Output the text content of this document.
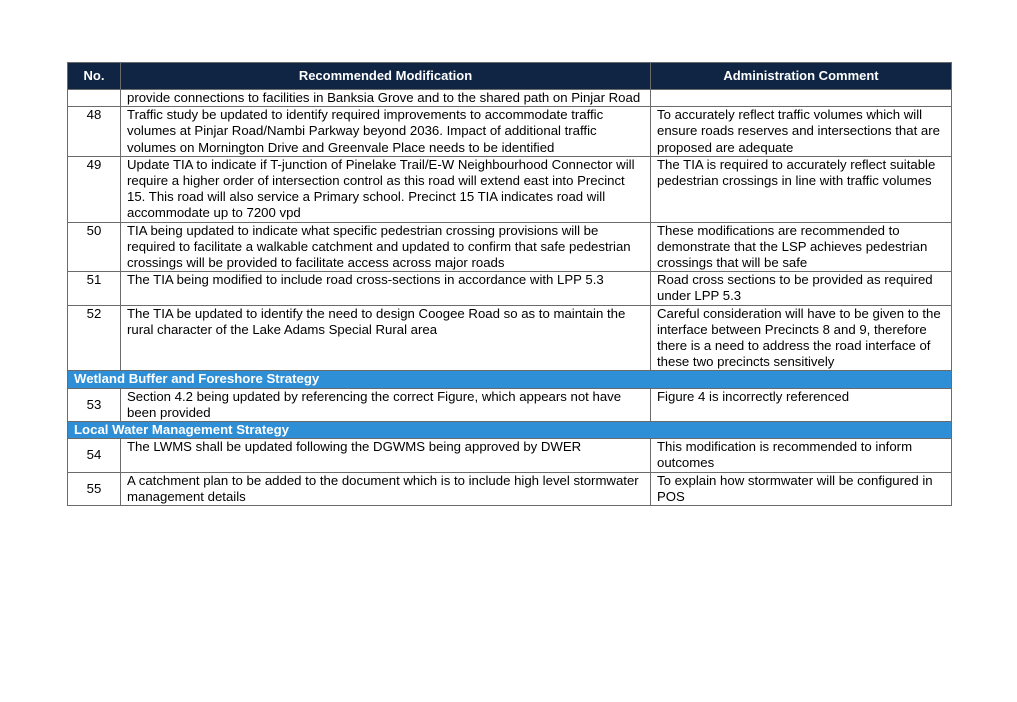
No.	Recommended Modification	Administration Comment
	provide connections to facilities in Banksia Grove and to the shared path on Pinjar Road	
48	Traffic study be updated to identify required improvements to accommodate traffic volumes at Pinjar Road/Nambi Parkway beyond 2036. Impact of additional traffic volumes on Mornington Drive and Greenvale Place needs to be identified	To accurately reflect traffic volumes which will ensure roads reserves and intersections that are proposed are adequate
49	Update TIA to indicate if T-junction of Pinelake Trail/E-W Neighbourhood Connector will require a higher order of intersection control as this road will extend east into Precinct 15. This road will also service a Primary school. Precinct 15 TIA indicates road will accommodate up to 7200 vpd	The TIA is required to accurately reflect suitable pedestrian crossings in line with traffic volumes
50	TIA being updated to indicate what specific pedestrian crossing provisions will be required to facilitate a walkable catchment and updated to confirm that safe pedestrian crossings will be provided to facilitate access across major roads	These modifications are recommended to demonstrate that the LSP achieves pedestrian crossings that will be safe
51	The TIA being modified to include road cross-sections in accordance with LPP 5.3	Road cross sections to be provided as required under LPP 5.3
52	The TIA be updated to identify the need to design Coogee Road so as to maintain the rural character of the Lake Adams Special Rural area	Careful consideration will have to be given to the interface between Precincts 8 and 9, therefore there is a need to address the road interface of these two precincts sensitively
Wetland Buffer and Foreshore Strategy		
53	Section 4.2 being updated by referencing the correct Figure, which appears not have been provided	Figure 4 is incorrectly referenced
Local Water Management Strategy		
54	The LWMS shall be updated following the DGWMS being approved by DWER	This modification is recommended to inform outcomes
55	A catchment plan to be added to the document which is to include high level stormwater management details	To explain how stormwater will be configured in POS
